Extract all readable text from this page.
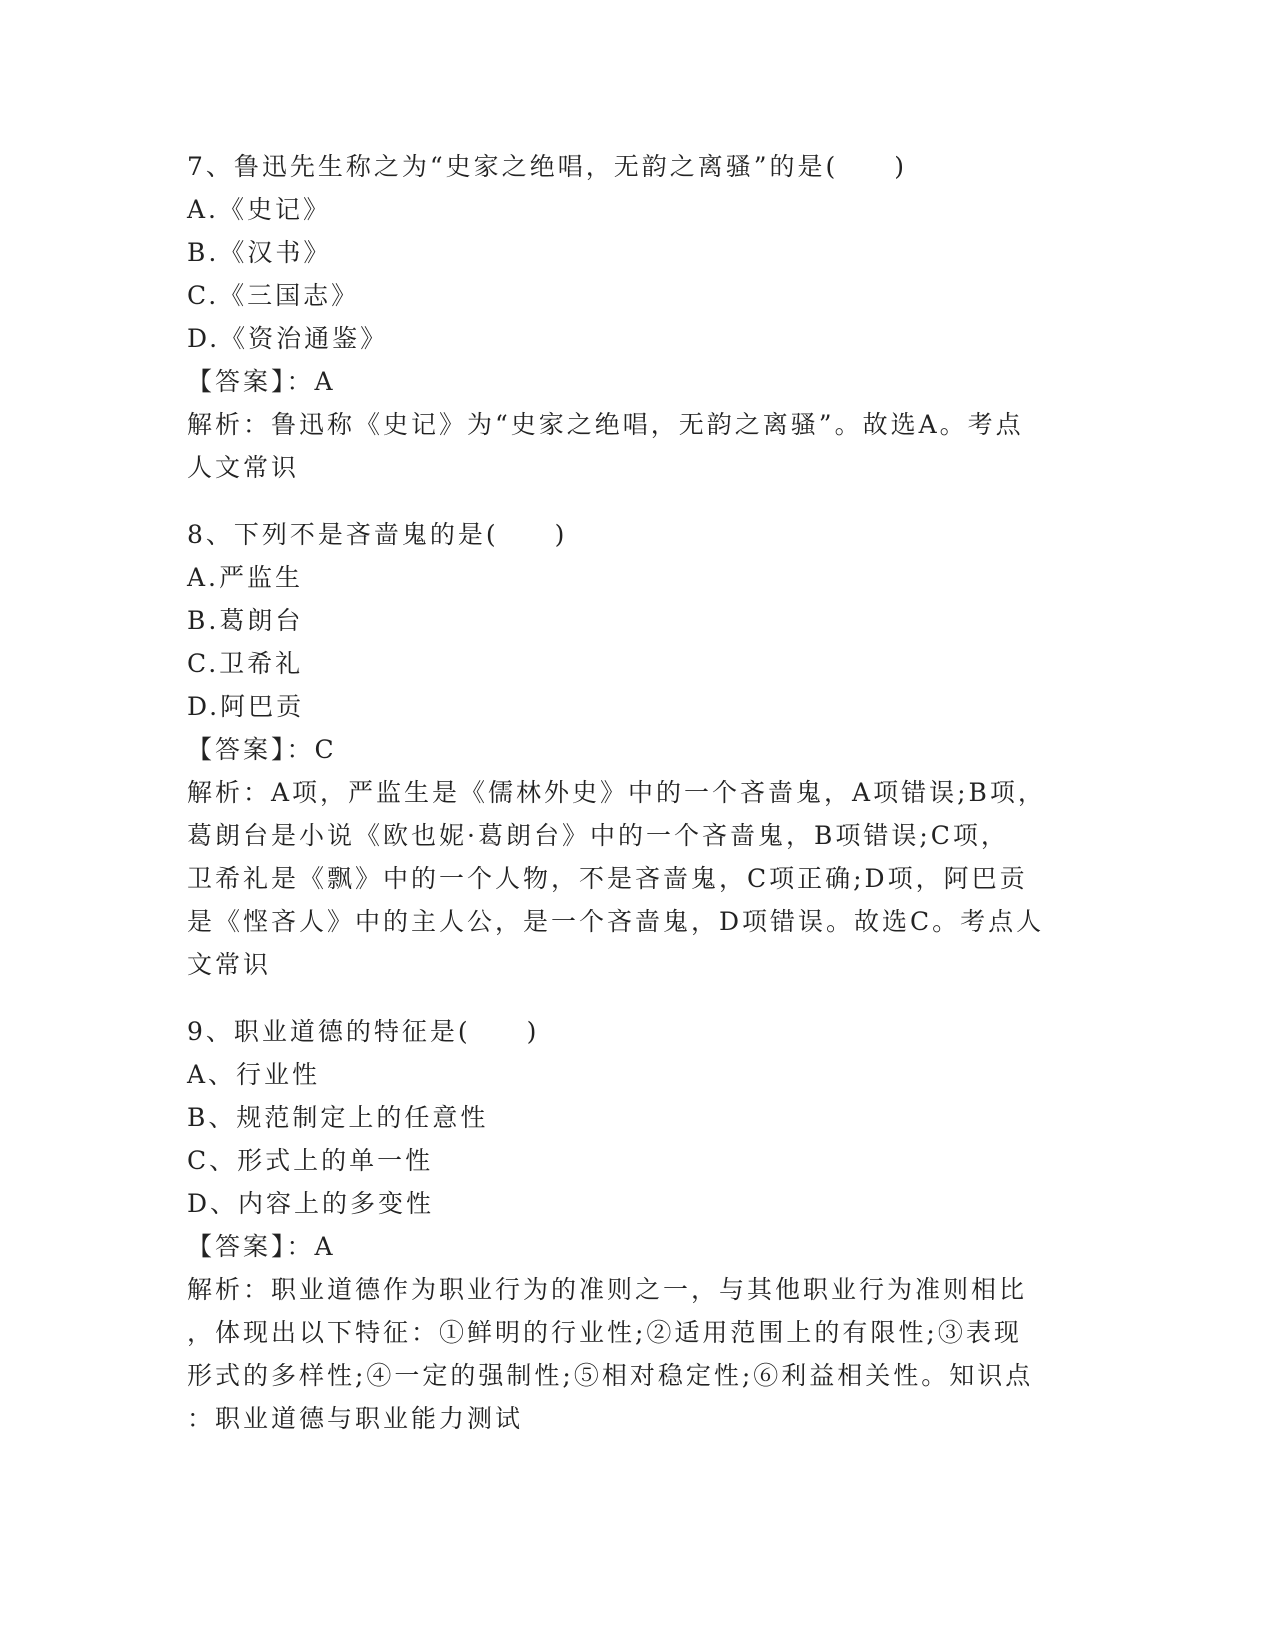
7、鲁迅先生称之为“史家之绝唱，无韵之离骚”的是(　　)
A.《史记》
B.《汉书》
C.《三国志》
D.《资治通鉴》
【答案】：A
解析：鲁迅称《史记》为“史家之绝唱，无韵之离骚”。故选A。考点
人文常识
8、下列不是吝啬鬼的是(　　)
A.严监生
B.葛朗台
C.卫希礼
D.阿巴贡
【答案】：C
解析：A项，严监生是《儒林外史》中的一个吝啬鬼，A项错误;B项，
葛朗台是小说《欧也妮·葛朗台》中的一个吝啬鬼，B项错误;C项，
卫希礼是《飘》中的一个人物，不是吝啬鬼，C项正确;D项，阿巴贡
是《悭吝人》中的主人公，是一个吝啬鬼，D项错误。故选C。考点人
文常识
9、职业道德的特征是(　　)
A、行业性
B、规范制定上的任意性
C、形式上的单一性
D、内容上的多变性
【答案】：A
解析：职业道德作为职业行为的准则之一，与其他职业行为准则相比
，体现出以下特征：①鲜明的行业性;②适用范围上的有限性;③表现
形式的多样性;④一定的强制性;⑤相对稳定性;⑥利益相关性。知识点
：职业道德与职业能力测试
